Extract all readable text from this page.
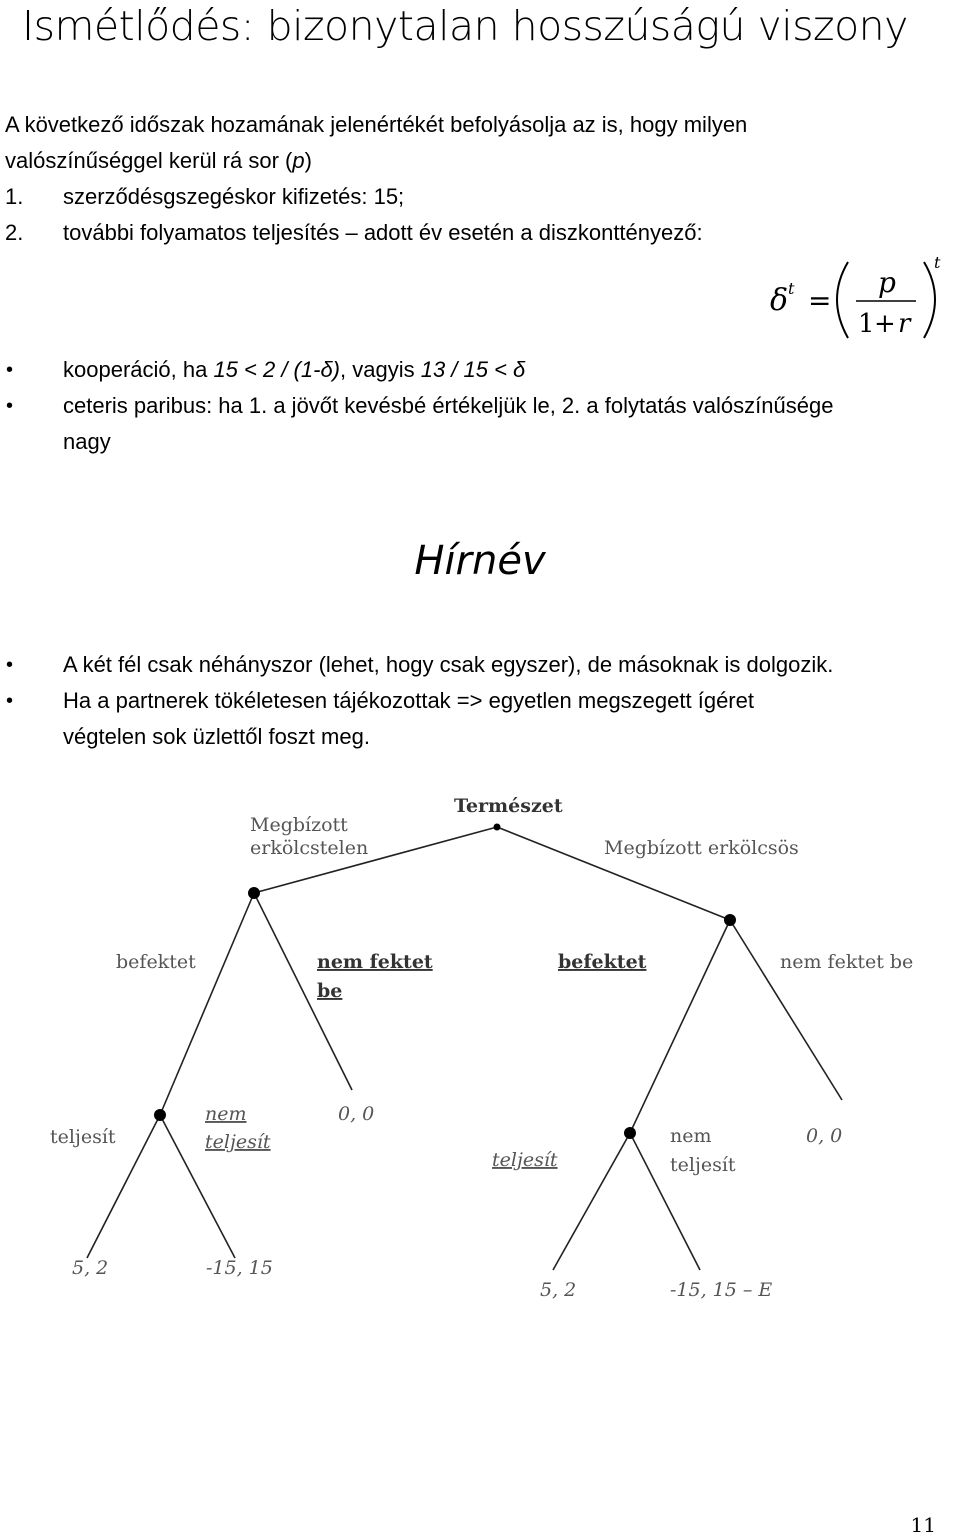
Ismétlődés: bizonytalan hosszúságú viszony
A következő időszak hozamának jelenértékét befolyásolja az is, hogy milyen
valószínűséggel kerül rá sor (p)
1. szerződésgszegéskor kifizetés: 15;
2. további folyamatos teljesítés – adott év esetén a diszkonttényező:
δ t =
p
1 + r
t
• kooperáció, ha 15 < 2 / (1-δ), vagyis 13 / 15 < δ
• ceteris paribus: ha 1. a jövőt kevésbé értékeljük le, 2. a folytatás valószínűsége
nagy
Hírnév
• A két fél csak néhányszor (lehet, hogy csak egyszer), de másoknak is dolgozik.
• Ha a partnerek tökéletesen tájékozottak => egyetlen megszegett ígéret
végtelen sok üzlettől foszt meg.
Természet
Megbízott
erkölcstelen	Megbízott erkölcsös
befektet	nem fektet
be
befektet	nem fektet be
teljesít
nem
teljesít
0, 0
teljesít
nem
teljesít
0, 0
5, 2	-15, 15
5, 2	-15, 15 – E
11
